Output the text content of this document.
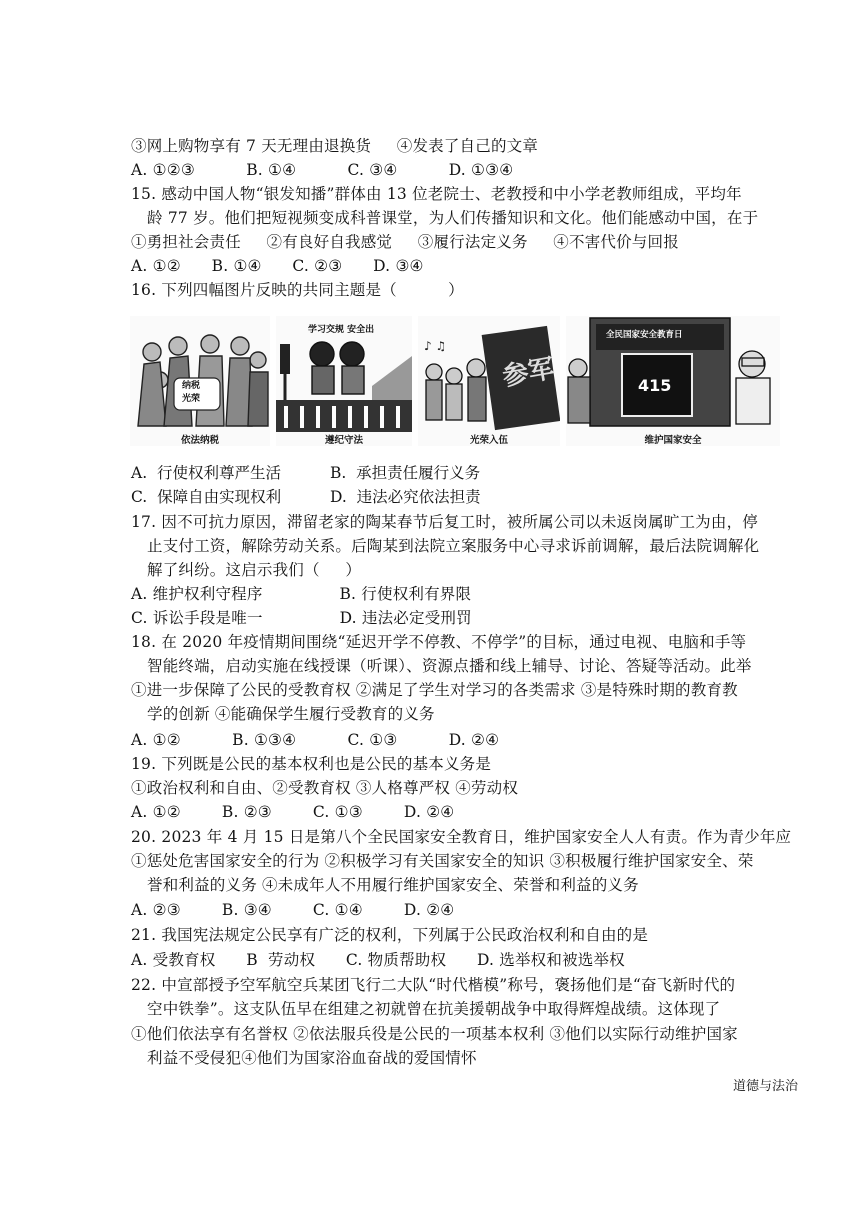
③网上购物享有 7 天无理由退换货     ④发表了自己的文章
A. ①②③          B. ①④          C. ③④          D. ①③④
15. 感动中国人物“银发知播”群体由 13 位老院士、老教授和中小学老教师组成，平均年
龄 77 岁。他们把短视频变成科普课堂，为人们传播知识和文化。他们能感动中国，在于
①勇担社会责任     ②有良好自我感觉     ③履行法定义务     ④不害代价与回报
A. ①②      B. ①④      C. ②③      D. ③④
16. 下列四幅图片反映的共同主题是（          ）
纳税
光荣
依法纳税
学习交规 安全出
遵纪守法
♪ ♫
参军
光荣入伍
全民国家安全教育日
415
维护国家安全
A.  行使权利尊严生活	B.  承担责任履行义务
C.  保障自由实现权利	D.  违法必究依法担责
17. 因不可抗力原因，滞留老家的陶某春节后复工时，被所属公司以未返岗属旷工为由，停
止支付工资，解除劳动关系。后陶某到法院立案服务中心寻求诉前调解，最后法院调解化
解了纠纷。这启示我们（     ）
A. 维护权利守程序               B. 行使权利有界限
C. 诉讼手段是唯一               D. 违法必定受刑罚
18. 在 2020 年疫情期间围绕“延迟开学不停教、不停学”的目标，通过电视、电脑和手等
智能终端，启动实施在线授课（听课）、资源点播和线上辅导、讨论、答疑等活动。此举
①进一步保障了公民的受教育权 ②满足了学生对学习的各类需求 ③是特殊时期的教育教
学的创新 ④能确保学生履行受教育的义务
A. ①②          B. ①③④          C. ①③          D. ②④
19. 下列既是公民的基本权利也是公民的基本义务是
①政治权利和自由、②受教育权 ③人格尊严权 ④劳动权
A. ①②        B. ②③        C. ①③        D. ②④
20. 2023 年 4 月 15 日是第八个全民国家安全教育日，维护国家安全人人有责。作为青少年应
①惩处危害国家安全的行为 ②积极学习有关国家安全的知识 ③积极履行维护国家安全、荣
誉和利益的义务 ④未成年人不用履行维护国家安全、荣誉和利益的义务
A. ②③        B. ③④        C. ①④        D. ②④
21. 我国宪法规定公民享有广泛的权利，下列属于公民政治权利和自由的是
A. 受教育权      B  劳动权      C. 物质帮助权      D. 选举权和被选举权
22. 中宣部授予空军航空兵某团飞行二大队“时代楷模”称号，褒扬他们是“奋飞新时代的
空中铁拳”。这支队伍早在组建之初就曾在抗美援朝战争中取得辉煌战绩。这体现了
①他们依法享有名誉权 ②依法服兵役是公民的一项基本权利 ③他们以实际行动维护国家
利益不受侵犯④他们为国家浴血奋战的爱国情怀
道德与法治
